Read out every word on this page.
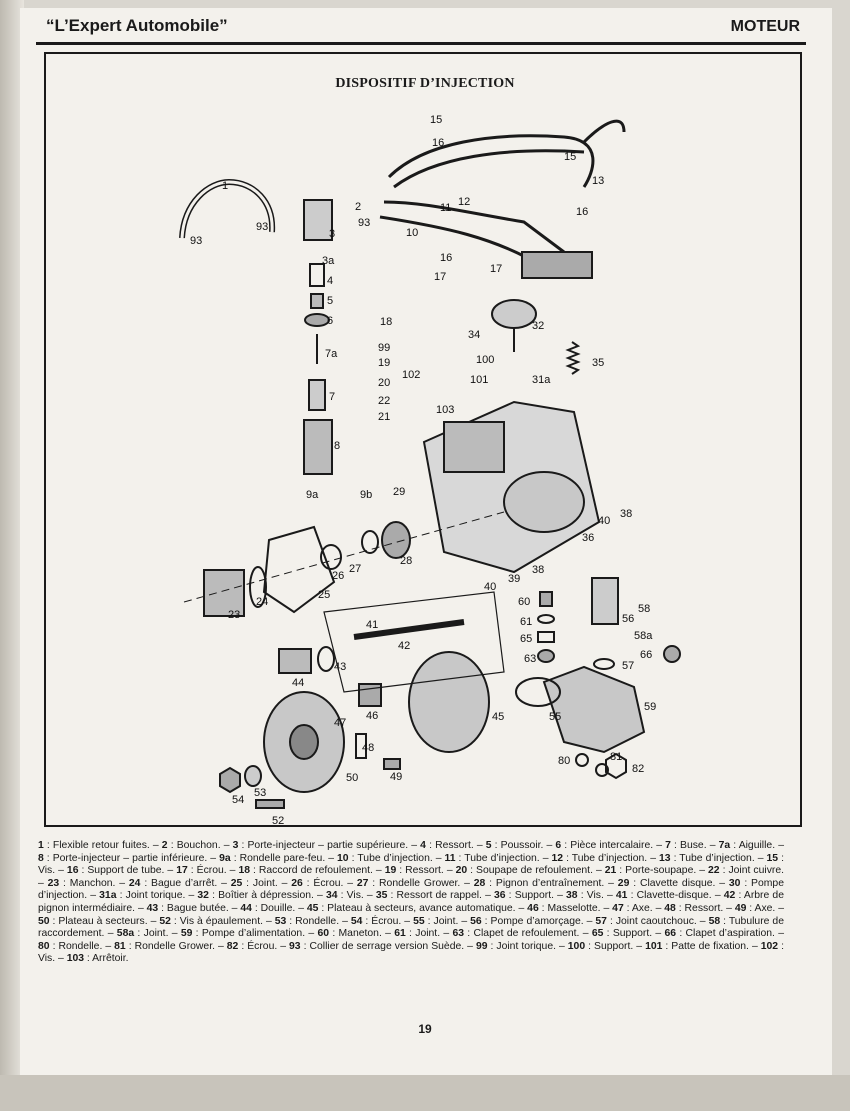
“L’Expert Automobile”	MOTEUR
DISPOSITIF D’INJECTION
1
93
93	93
2
3
3a
4
5
6
7a
7
8
9a	9b
15
15
16
16
16
13
12
11
10
17
17
18
99
19
20
22
21
102
103
34
32
100
101	31a
35
29
40
38
36
26
27
28
25
24
23
41
42
40
39
38
44
43
46	45
47
48
49
50
54
53
52
60
61
65
63
58
56
58a
66
57
55
59
80	81
82
1 : Flexible retour fuites. – 2 : Bouchon. – 3 : Porte-injecteur – partie supérieure. – 4 : Ressort. – 5 : Poussoir. – 6 : Pièce intercalaire. – 7 : Buse. – 7a : Aiguille. – 8 : Porte-injecteur – partie inférieure. – 9a : Rondelle pare-feu. – 10 : Tube d’injection. – 11 : Tube d’injection. – 12 : Tube d’injection. – 13 : Tube d’injection. – 15 : Vis. – 16 : Support de tube. – 17 : Écrou. – 18 : Raccord de refoulement. – 19 : Ressort. – 20 : Soupape de refoulement. – 21 : Porte-soupape. – 22 : Joint cuivre. – 23 : Manchon. – 24 : Bague d’arrêt. – 25 : Joint. – 26 : Écrou. – 27 : Rondelle Grower. – 28 : Pignon d’entraînement. – 29 : Clavette disque. – 30 : Pompe d’injection. – 31a : Joint torique. – 32 : Boîtier à dépression. – 34 : Vis. – 35 : Ressort de rappel. – 36 : Support. – 38 : Vis. – 41 : Clavette-disque. – 42 : Arbre de pignon intermédiaire. – 43 : Bague butée. – 44 : Douille. – 45 : Plateau à secteurs, avance automatique. – 46 : Masselotte. – 47 : Axe. – 48 : Ressort. – 49 : Axe. – 50 : Plateau à secteurs. – 52 : Vis à épaulement. – 53 : Rondelle. – 54 : Écrou. – 55 : Joint. – 56 : Pompe d’amorçage. – 57 : Joint caoutchouc. – 58 : Tubulure de raccordement. – 58a : Joint. – 59 : Pompe d’alimentation. – 60 : Maneton. – 61 : Joint. – 63 : Clapet de refoulement. – 65 : Support. – 66 : Clapet d’aspiration. – 80 : Rondelle. – 81 : Rondelle Grower. – 82 : Écrou. – 93 : Collier de serrage version Suède. – 99 : Joint torique. – 100 : Support. – 101 : Patte de fixation. – 102 : Vis. – 103 : Arrêtoir.
19
